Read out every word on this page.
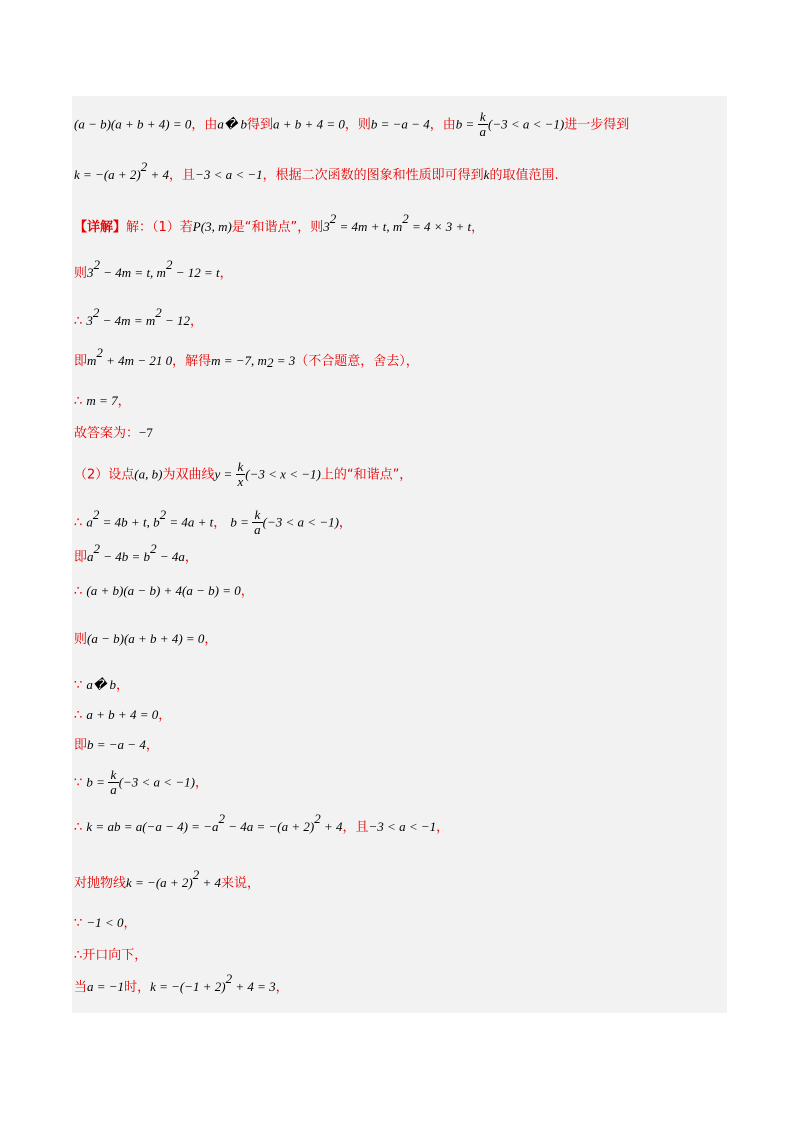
(a − b)(a + b + 4) = 0，由a� b得到a + b + 4 = 0，则b = −a − 4，由$b = \frac{k}{a} (-3 < a < -1)$进一步得到
k = −(a + 2)2 + 4，且−3 < a < −1，根据二次函数的图象和性质即可得到k的取值范围.
【详解】解：（1）若P(3, m)是“和谐点”，则32 = 4m + t, m2 = 4 × 3 + t，
则32 − 4m = t, m2 − 12 = t，
∴ 32 − 4m = m2 − 12，
即m2 + 4m − 21 0，解得m = −7, m2 = 3（不合题意，舍去），
∴ m = 7，
故答案为：−7
（2）设点(a, b)为双曲线$y = \frac{k}{x} (-3 < x < -1)$上的“和谐点”，
∴ a2 = 4b + t, b2 = 4a + t， $b = \frac{k}{a} (-3 < a < -1)$，
即a2 − 4b = b2 − 4a，
∴ (a + b)(a − b) + 4(a − b) = 0，
则(a − b)(a + b + 4) = 0，
∵ a� b，
∴ a + b + 4 = 0，
即b = −a − 4，
∵ $b = \frac{k}{a} (-3 < a < -1)$，
∴ k = ab = a(−a − 4) = −a2 − 4a = −(a + 2)2 + 4，且−3 < a < −1，
对抛物线k = −(a + 2)2 + 4来说，
∵ −1 < 0，
∴开口向下，
当a = −1时，k = −(−1 + 2)2 + 4 = 3，
